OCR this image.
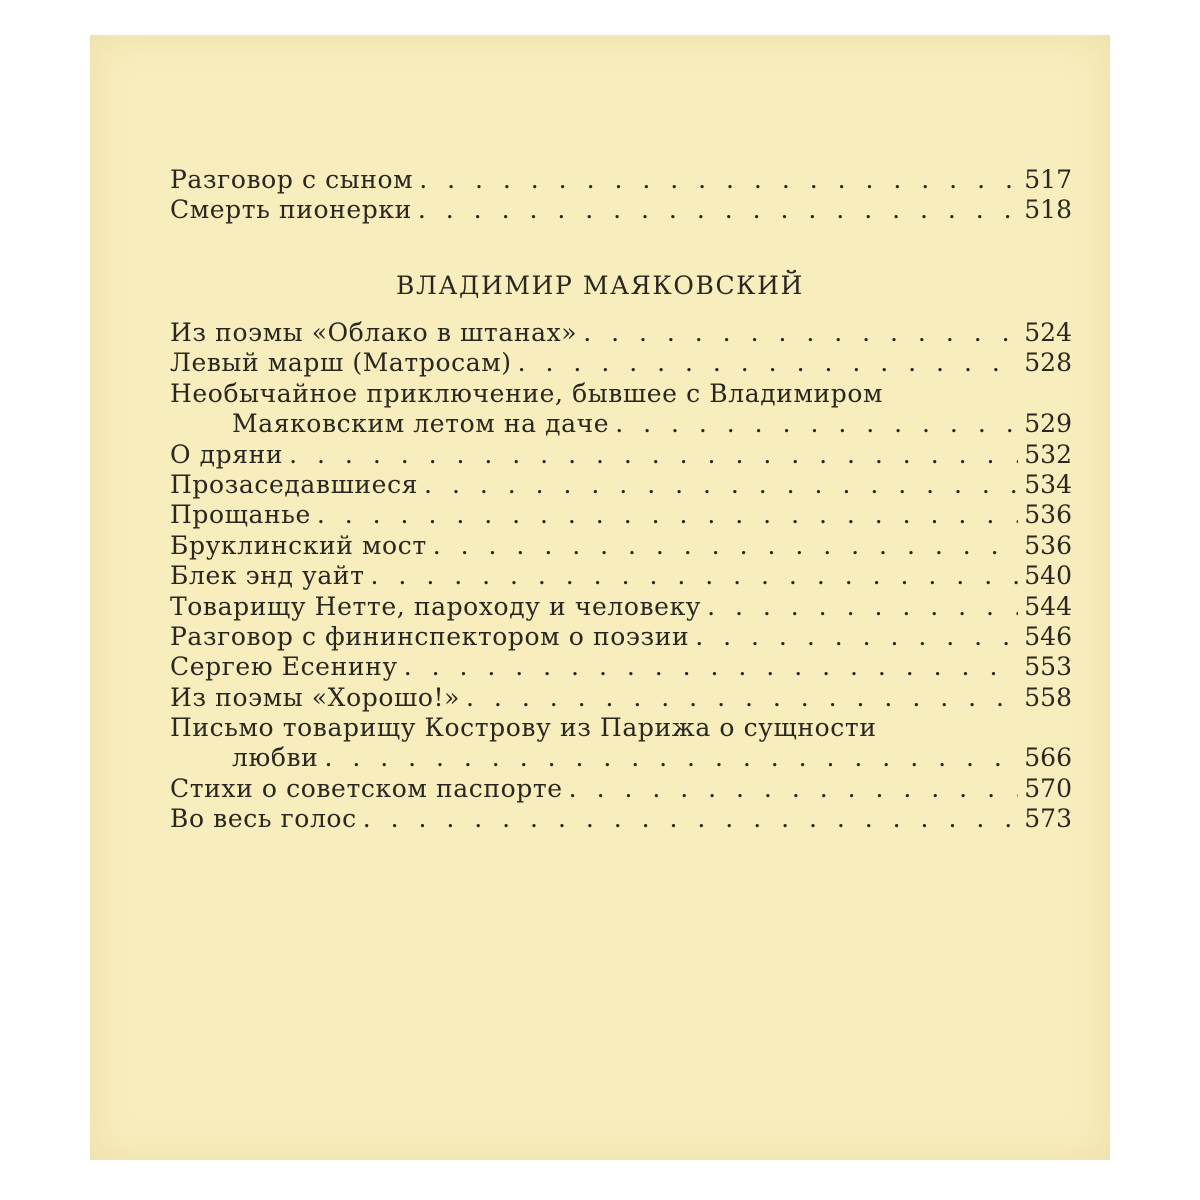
Разговор с сыном . . .	517
Смерть пионерки . . .	518
ВЛАДИМИР МАЯКОВСКИЙ
Из поэмы «Облако в штанах» . . .	524
Левый марш (Матросам) . . .	528
Необычайное приключение, бывшее с Владимиром
Маяковским летом на даче . . .	529
О дряни . . .	532
Прозаседавшиеся . . .	534
Прощанье . . .	536
Бруклинский мост . . .	536
Блек энд уайт . . .	540
Товарищу Нетте, пароходу и человеку . . .	544
Разговор с фининспектором о поэзии . . .	546
Сергею Есенину . . .	553
Из поэмы «Хорошо!» . . .	558
Письмо товарищу Кострову из Парижа о сущности
любви . . .	566
Стихи о советском паспорте . . .	570
Во весь голос . . .	573
